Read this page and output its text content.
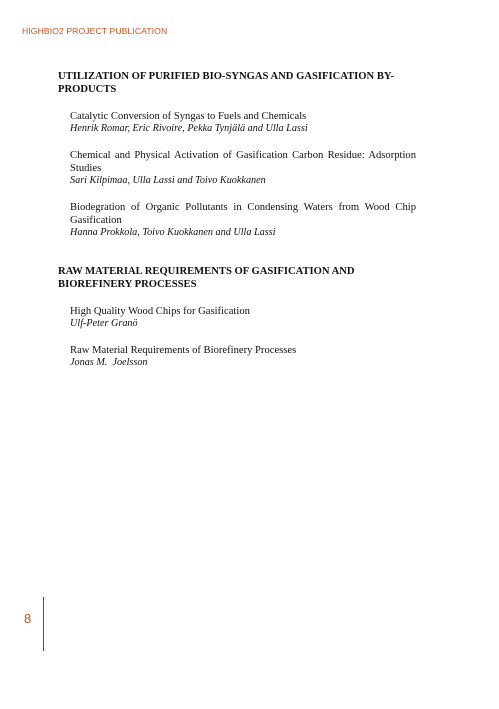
HIGHBIO2 PROJECT PUBLICATION
UTILIZATION OF PURIFIED BIO-SYNGAS AND GASIFICATION BY-PRODUCTS
Catalytic Conversion of Syngas to Fuels and Chemicals
Henrik Romar, Eric Rivoire, Pekka Tynjälä and Ulla Lassi
Chemical and Physical Activation of Gasification Carbon Residue: Adsorption Studies
Sari Kilpimaa, Ulla Lassi and Toivo Kuokkanen
Biodegration of Organic Pollutants in Condensing Waters from Wood Chip Gasification
Hanna Prokkola, Toivo Kuokkanen and Ulla Lassi
RAW MATERIAL REQUIREMENTS OF GASIFICATION AND BIOREFINERY PROCESSES
High Quality Wood Chips for Gasification
Ulf-Peter Granö
Raw Material Requirements of Biorefinery Processes
Jonas M.  Joelsson
8
